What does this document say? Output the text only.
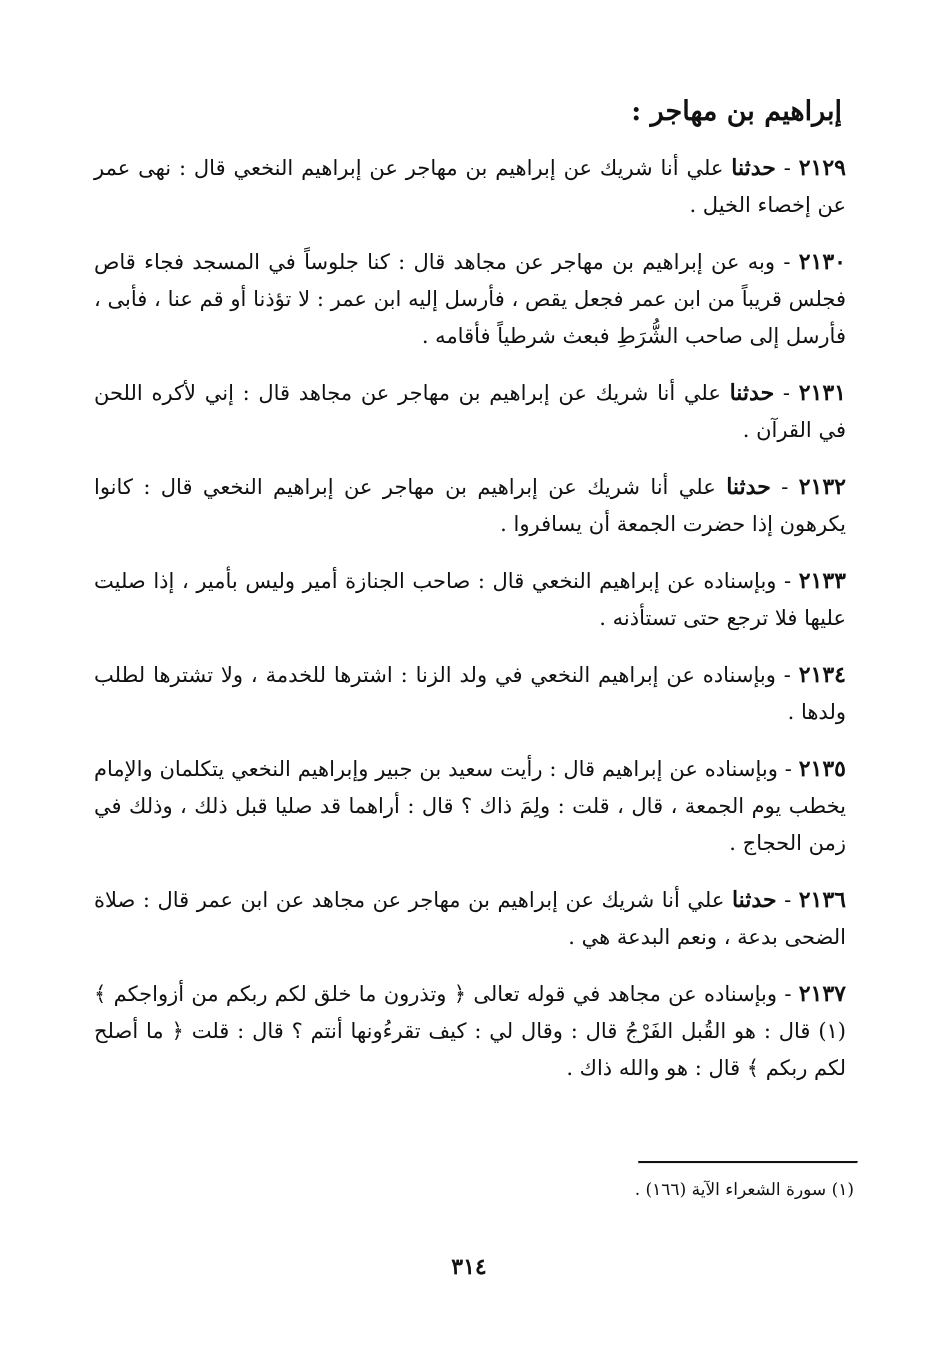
إبراهيم بن مهاجر :

٢١٢٩ - حدثنا علي أنا شريك عن إبراهيم بن مهاجر عن إبراهيم النخعي قال : نهى عمر عن إخصاء الخيل .

٢١٣٠ - وبه عن إبراهيم بن مهاجر عن مجاهد قال : كنا جلوساً في المسجد فجاء قاص فجلس قريباً من ابن عمر فجعل يقص ، فأرسل إليه ابن عمر : لا تؤذنا أو قم عنا ، فأبى ، فأرسل إلى صاحب الشُّرَطِ فبعث شرطياً فأقامه .

٢١٣١ - حدثنا علي أنا شريك عن إبراهيم بن مهاجر عن مجاهد قال : إني لأكره اللحن في القرآن .

٢١٣٢ - حدثنا علي أنا شريك عن إبراهيم بن مهاجر عن إبراهيم النخعي قال : كانوا يكرهون إذا حضرت الجمعة أن يسافروا .

٢١٣٣ - وبإسناده عن إبراهيم النخعي قال : صاحب الجنازة أمير وليس بأمير ، إذا صليت عليها فلا ترجع حتى تستأذنه .

٢١٣٤ - وبإسناده عن إبراهيم النخعي في ولد الزنا : اشترها للخدمة ، ولا تشترها لطلب ولدها .

٢١٣٥ - وبإسناده عن إبراهيم قال : رأيت سعيد بن جبير وإبراهيم النخعي يتكلمان والإمام يخطب يوم الجمعة ، قال ، قلت : ولِمَ ذاك ؟ قال : أراهما قد صليا قبل ذلك ، وذلك في زمن الحجاج .

٢١٣٦ - حدثنا علي أنا شريك عن إبراهيم بن مهاجر عن مجاهد عن ابن عمر قال : صلاة الضحى بدعة ، ونعم البدعة هي .

٢١٣٧ - وبإسناده عن مجاهد في قوله تعالى ﴿ وتذرون ما خلق لكم ربكم من أزواجكم ﴾ (١) قال : هو القُبل الفَرْجُ قال : وقال لي : كيف تقرءُونها أنتم ؟ قال : قلت ﴿ ما أصلح لكم ربكم ﴾ قال : هو والله ذاك .

(١) سورة الشعراء الآية (١٦٦) .

٣١٤
